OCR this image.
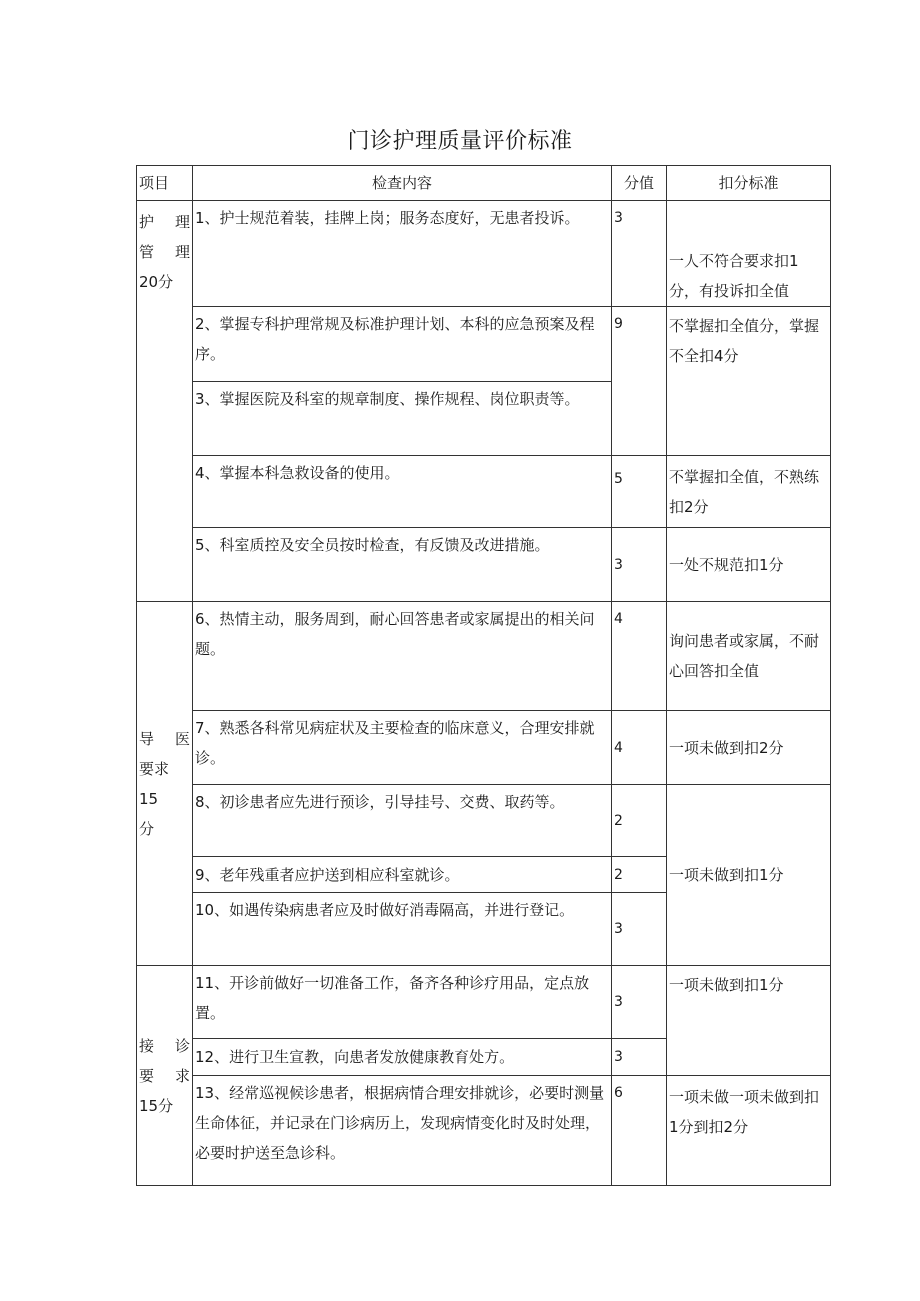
门诊护理质量评价标准
项目	检查内容	分值	扣分标准

护　理
管　理
20分	1、护士规范着装，挂牌上岗；服务态度好，无患者投诉。	3	一人不符合要求扣1分，有投诉扣全值
	2、掌握专科护理常规及标准护理计划、本科的应急预案及程序。	9	不掌握扣全值分，掌握不全扣4分
	3、掌握医院及科室的规章制度、操作规程、岗位职责等。		
	4、掌握本科急救设备的使用。	5	不掌握扣全值，不熟练扣2分
	5、科室质控及安全员按时检查，有反馈及改进措施。	3	一处不规范扣1分

导　医
要求
15
分	6、热情主动，服务周到，耐心回答患者或家属提出的相关问题。	4	询问患者或家属，不耐心回答扣全值
	7、熟悉各科常见病症状及主要检查的临床意义，合理安排就诊。	4	一项未做到扣2分
	8、初诊患者应先进行预诊，引导挂号、交费、取药等。	2	一项未做到扣1分
	9、老年残重者应护送到相应科室就诊。	2	
	10、如遇传染病患者应及时做好消毒隔高，并进行登记。	3	

接　诊
要　求
15分	11、开诊前做好一切准备工作，备齐各种诊疗用品，定点放置。	3	一项未做到扣1分
	12、进行卫生宣教，向患者发放健康教育处方。	3	
	13、经常巡视候诊患者，根据病情合理安排就诊，必要时测量生命体征，并记录在门诊病历上，发现病情变化时及时处理，必要时护送至急诊科。	6	一项未做一项未做到扣1分到扣2分
